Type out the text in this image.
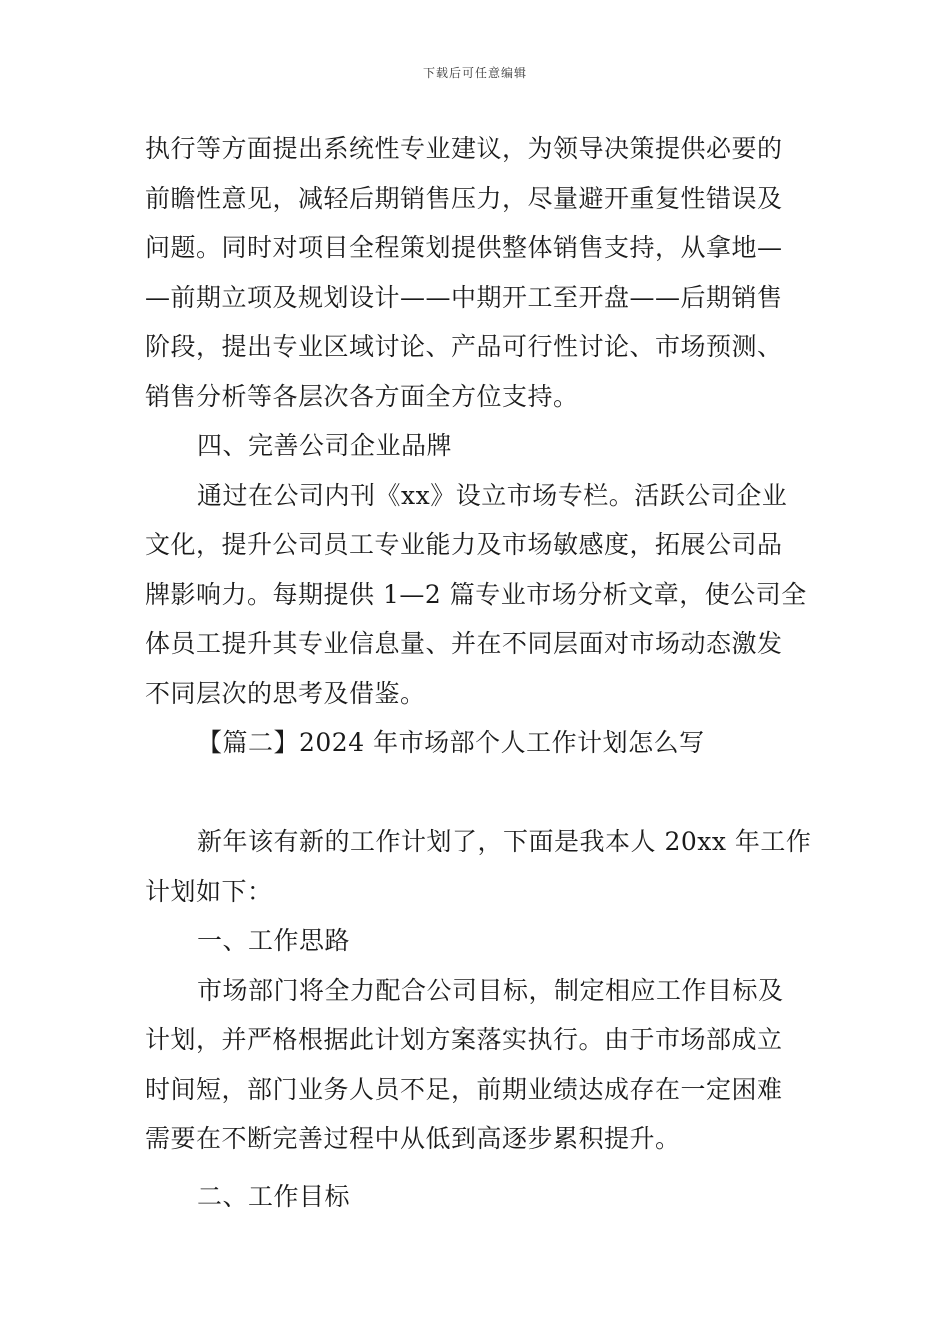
下载后可任意编辑
执行等方面提出系统性专业建议，为领导决策提供必要的
前瞻性意见，减轻后期销售压力，尽量避开重复性错误及
问题。同时对项目全程策划提供整体销售支持，从拿地—
—前期立项及规划设计——中期开工至开盘——后期销售
阶段，提出专业区域讨论、产品可行性讨论、市场预测、
销售分析等各层次各方面全方位支持。
四、完善公司企业品牌
通过在公司内刊《xx》设立市场专栏。活跃公司企业
文化，提升公司员工专业能力及市场敏感度，拓展公司品
牌影响力。每期提供 1—2 篇专业市场分析文章，使公司全
体员工提升其专业信息量、并在不同层面对市场动态激发
不同层次的思考及借鉴。
【篇二】2024 年市场部个人工作计划怎么写
新年该有新的工作计划了，下面是我本人 20xx 年工作
计划如下：
一、工作思路
市场部门将全力配合公司目标，制定相应工作目标及
计划，并严格根据此计划方案落实执行。由于市场部成立
时间短，部门业务人员不足，前期业绩达成存在一定困难
需要在不断完善过程中从低到高逐步累积提升。
二、工作目标
